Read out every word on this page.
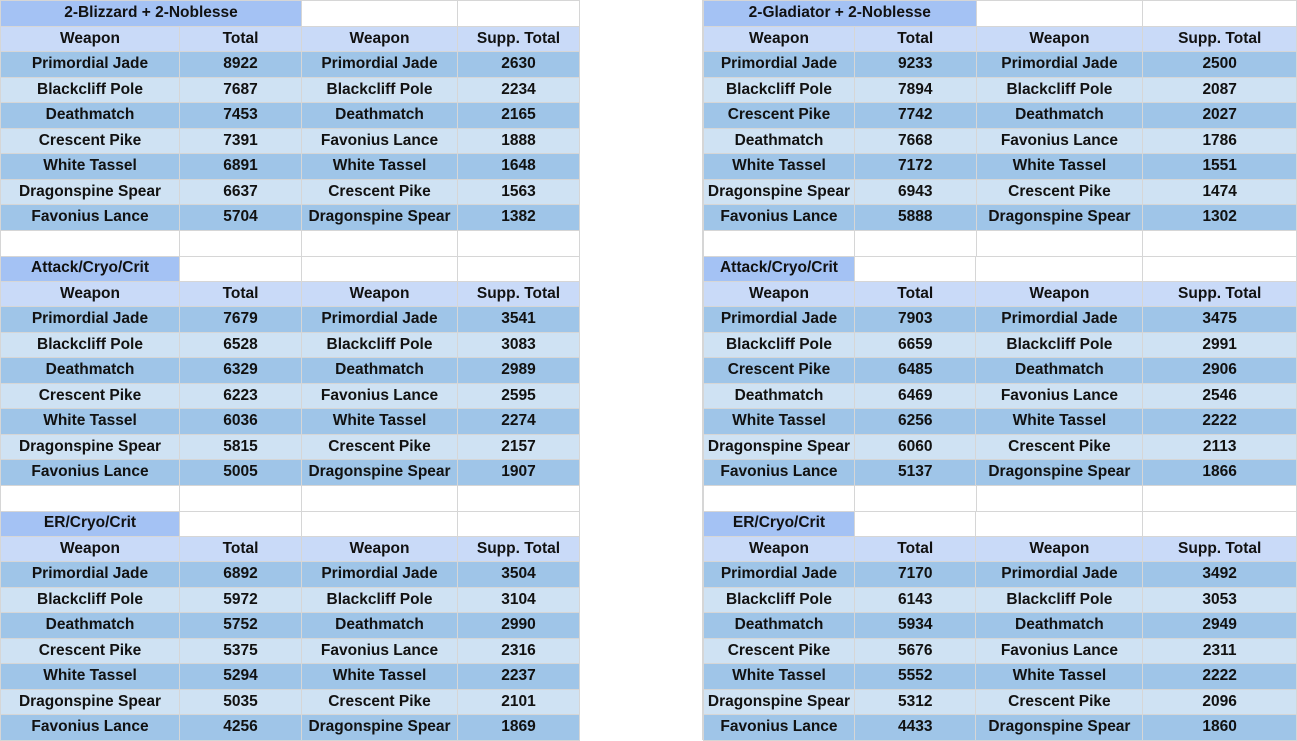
2-Blizzard + 2-Noblesse			
Weapon	Total	Weapon	Supp. Total
Primordial Jade	8922	Primordial Jade	2630
Blackcliff Pole	7687	Blackcliff Pole	2234
Deathmatch	7453	Deathmatch	2165
Crescent Pike	7391	Favonius Lance	1888
White Tassel	6891	White Tassel	1648
Dragonspine Spear	6637	Crescent Pike	1563
Favonius Lance	5704	Dragonspine Spear	1382
2-Gladiator + 2-Noblesse			
Weapon	Total	Weapon	Supp. Total
Primordial Jade	9233	Primordial Jade	2500
Blackcliff Pole	7894	Blackcliff Pole	2087
Crescent Pike	7742	Deathmatch	2027
Deathmatch	7668	Favonius Lance	1786
White Tassel	7172	White Tassel	1551
Dragonspine Spear	6943	Crescent Pike	1474
Favonius Lance	5888	Dragonspine Spear	1302
Attack/Cryo/Crit			
Weapon	Total	Weapon	Supp. Total
Primordial Jade	7679	Primordial Jade	3541
Blackcliff Pole	6528	Blackcliff Pole	3083
Deathmatch	6329	Deathmatch	2989
Crescent Pike	6223	Favonius Lance	2595
White Tassel	6036	White Tassel	2274
Dragonspine Spear	5815	Crescent Pike	2157
Favonius Lance	5005	Dragonspine Spear	1907
Attack/Cryo/Crit			
Weapon	Total	Weapon	Supp. Total
Primordial Jade	7903	Primordial Jade	3475
Blackcliff Pole	6659	Blackcliff Pole	2991
Crescent Pike	6485	Deathmatch	2906
Deathmatch	6469	Favonius Lance	2546
White Tassel	6256	White Tassel	2222
Dragonspine Spear	6060	Crescent Pike	2113
Favonius Lance	5137	Dragonspine Spear	1866
ER/Cryo/Crit			
Weapon	Total	Weapon	Supp. Total
Primordial Jade	6892	Primordial Jade	3504
Blackcliff Pole	5972	Blackcliff Pole	3104
Deathmatch	5752	Deathmatch	2990
Crescent Pike	5375	Favonius Lance	2316
White Tassel	5294	White Tassel	2237
Dragonspine Spear	5035	Crescent Pike	2101
Favonius Lance	4256	Dragonspine Spear	1869
ER/Cryo/Crit			
Weapon	Total	Weapon	Supp. Total
Primordial Jade	7170	Primordial Jade	3492
Blackcliff Pole	6143	Blackcliff Pole	3053
Deathmatch	5934	Deathmatch	2949
Crescent Pike	5676	Favonius Lance	2311
White Tassel	5552	White Tassel	2222
Dragonspine Spear	5312	Crescent Pike	2096
Favonius Lance	4433	Dragonspine Spear	1860
